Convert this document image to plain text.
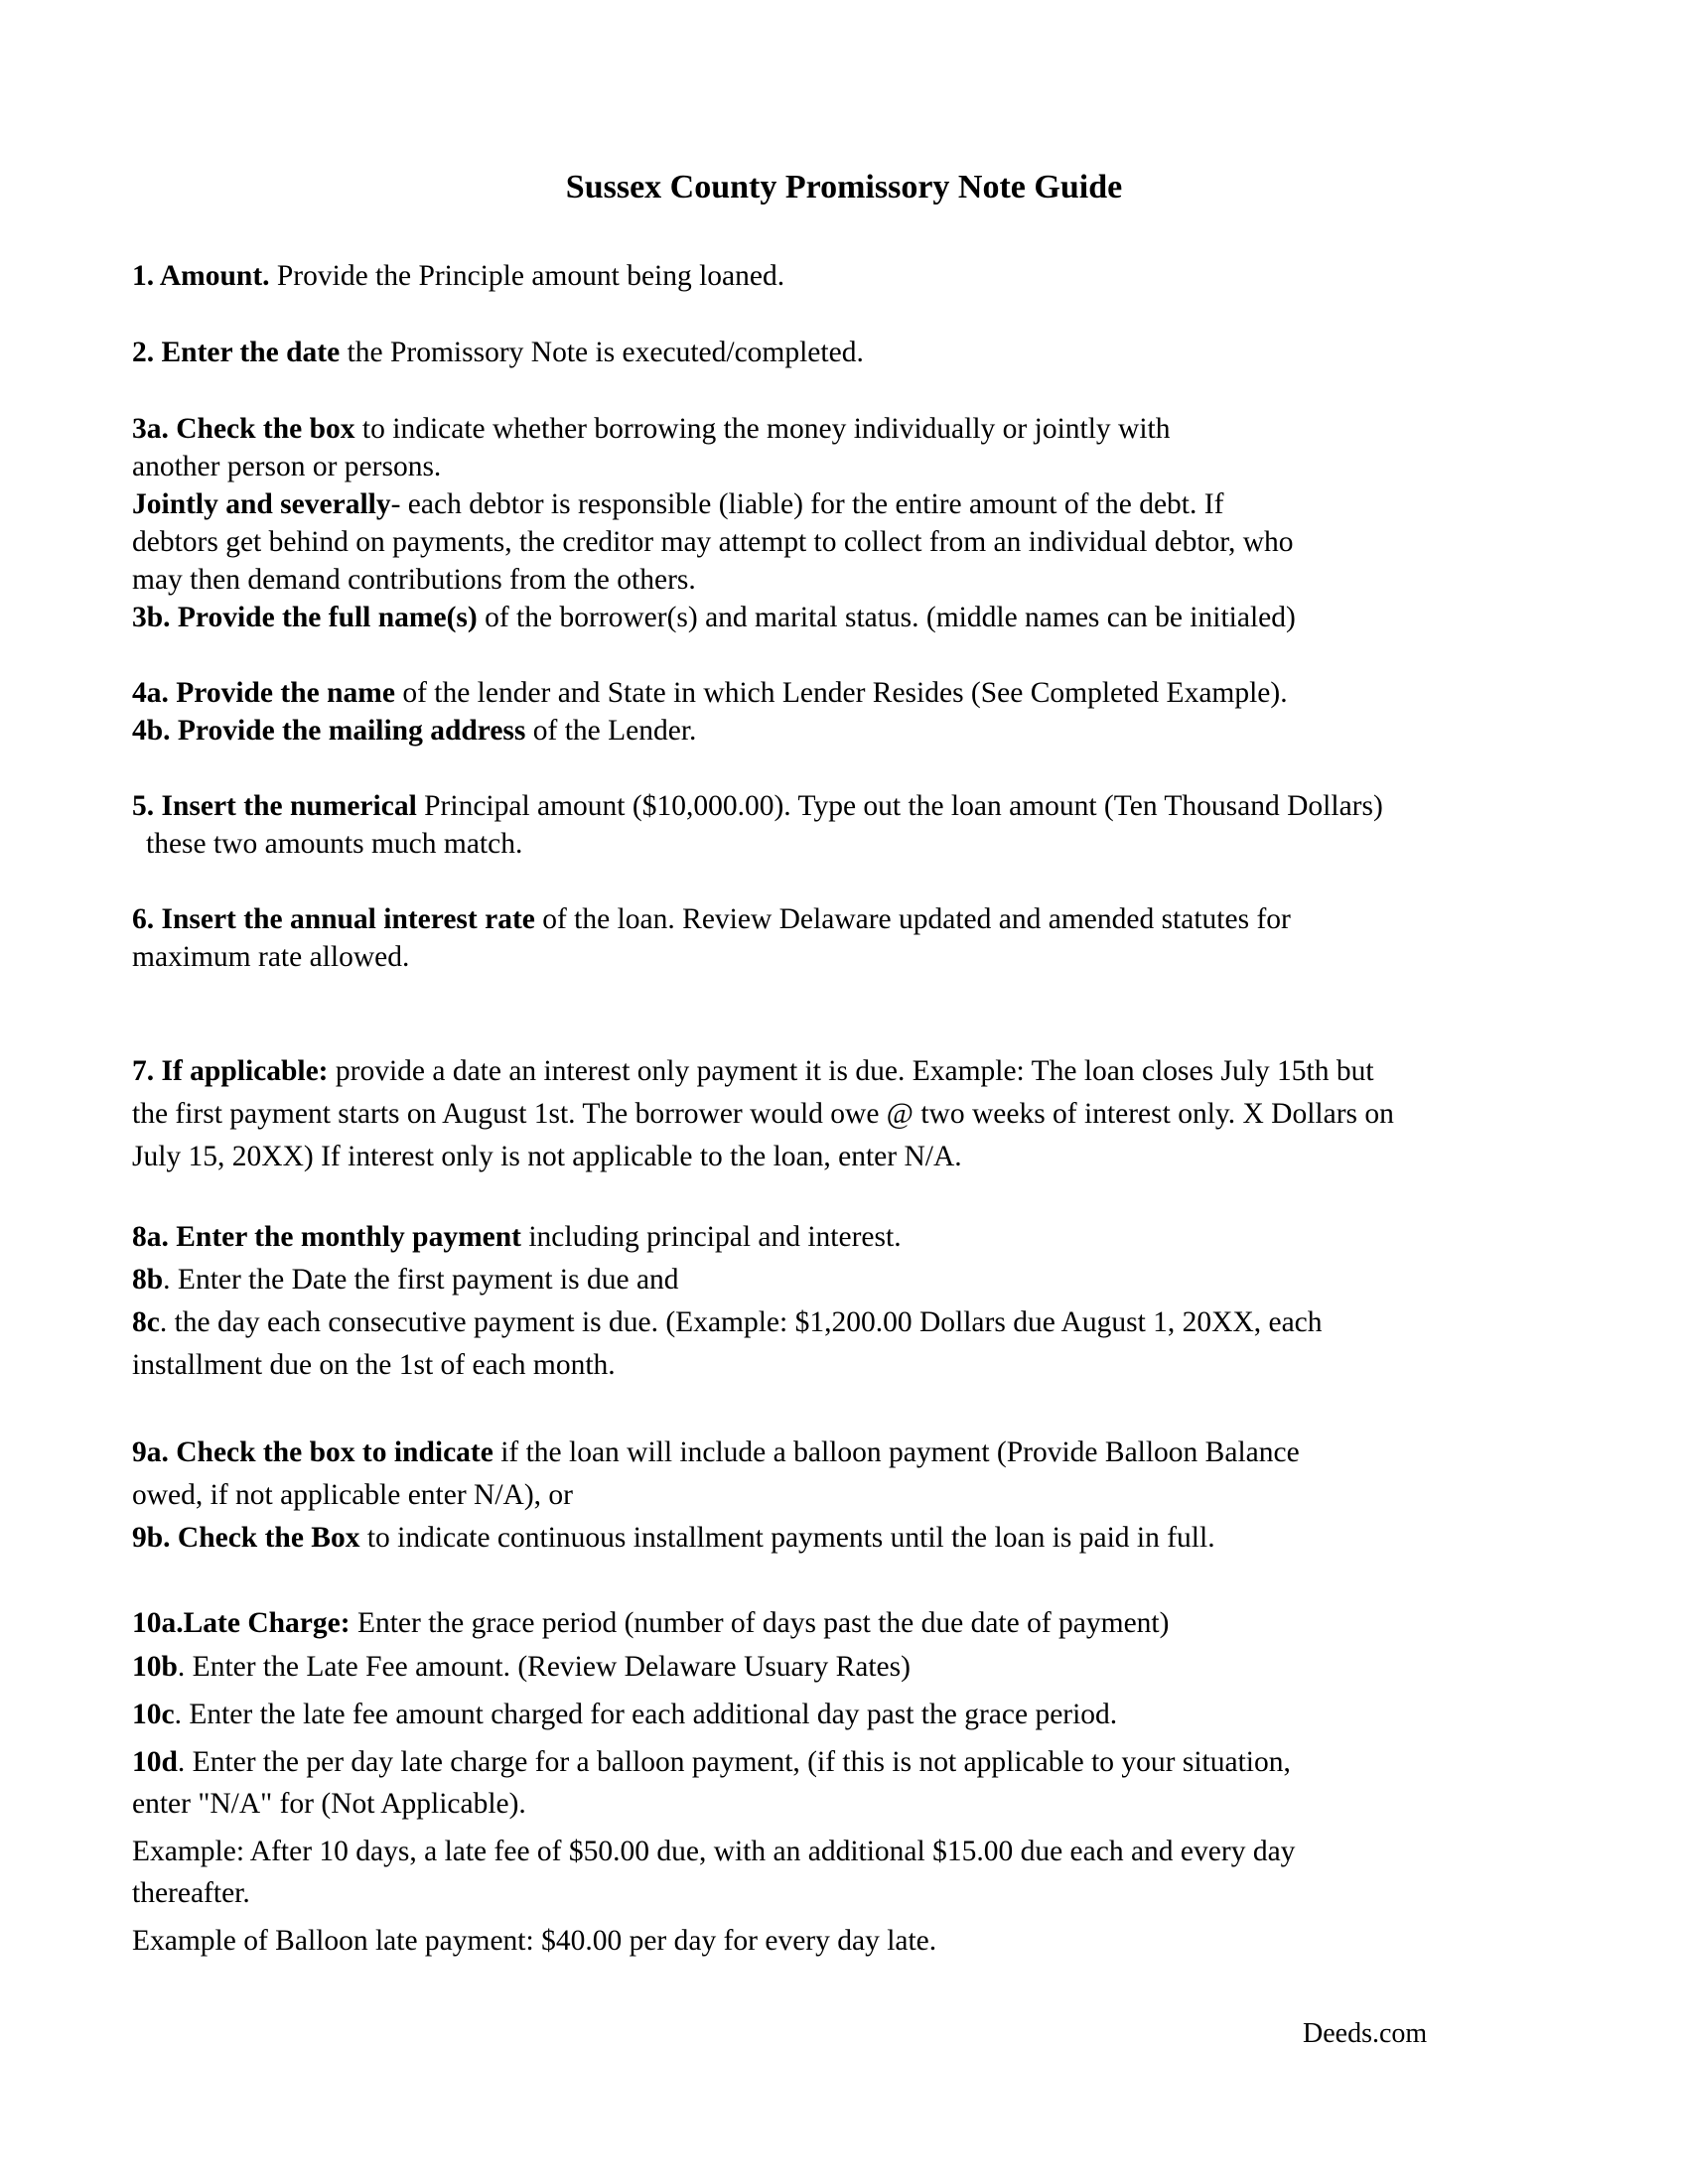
Sussex County Promissory Note Guide
1. Amount. Provide the Principle amount being loaned.
2. Enter the date the Promissory Note is executed/completed.
3a. Check the box to indicate whether borrowing the money individually or jointly with
another person or persons.
Jointly and severally- each debtor is responsible (liable) for the entire amount of the debt. If
debtors get behind on payments, the creditor may attempt to collect from an individual debtor, who
may then demand contributions from the others.
3b. Provide the full name(s) of the borrower(s) and marital status. (middle names can be initialed)
4a. Provide the name of the lender and State in which Lender Resides (See Completed Example).
4b. Provide the mailing address of the Lender.
5. Insert the numerical Principal amount ($10,000.00). Type out the loan amount (Ten Thousand Dollars)
these two amounts much match.
6. Insert the annual interest rate of the loan. Review Delaware updated and amended statutes for
maximum rate allowed.
7. If applicable: provide a date an interest only payment it is due. Example: The loan closes July 15th but
the first payment starts on August 1st. The borrower would owe @ two weeks of interest only. X Dollars on
July 15, 20XX) If interest only is not applicable to the loan, enter N/A.
8a. Enter the monthly payment including principal and interest.
8b. Enter the Date the first payment is due and
8c. the day each consecutive payment is due. (Example: $1,200.00 Dollars due August 1, 20XX, each
installment due on the 1st of each month.
9a. Check the box to indicate if the loan will include a balloon payment (Provide Balloon Balance
owed, if not applicable enter N/A), or
9b. Check the Box to indicate continuous installment payments until the loan is paid in full.
10a.Late Charge: Enter the grace period (number of days past the due date of payment)
10b. Enter the Late Fee amount. (Review Delaware Usuary Rates)
10c. Enter the late fee amount charged for each additional day past the grace period.
10d. Enter the per day late charge for a balloon payment, (if this is not applicable to your situation,
enter "N/A" for (Not Applicable).
Example: After 10 days, a late fee of $50.00 due, with an additional $15.00 due each and every day
thereafter.
Example of Balloon late payment: $40.00 per day for every day late.
Deeds.com
